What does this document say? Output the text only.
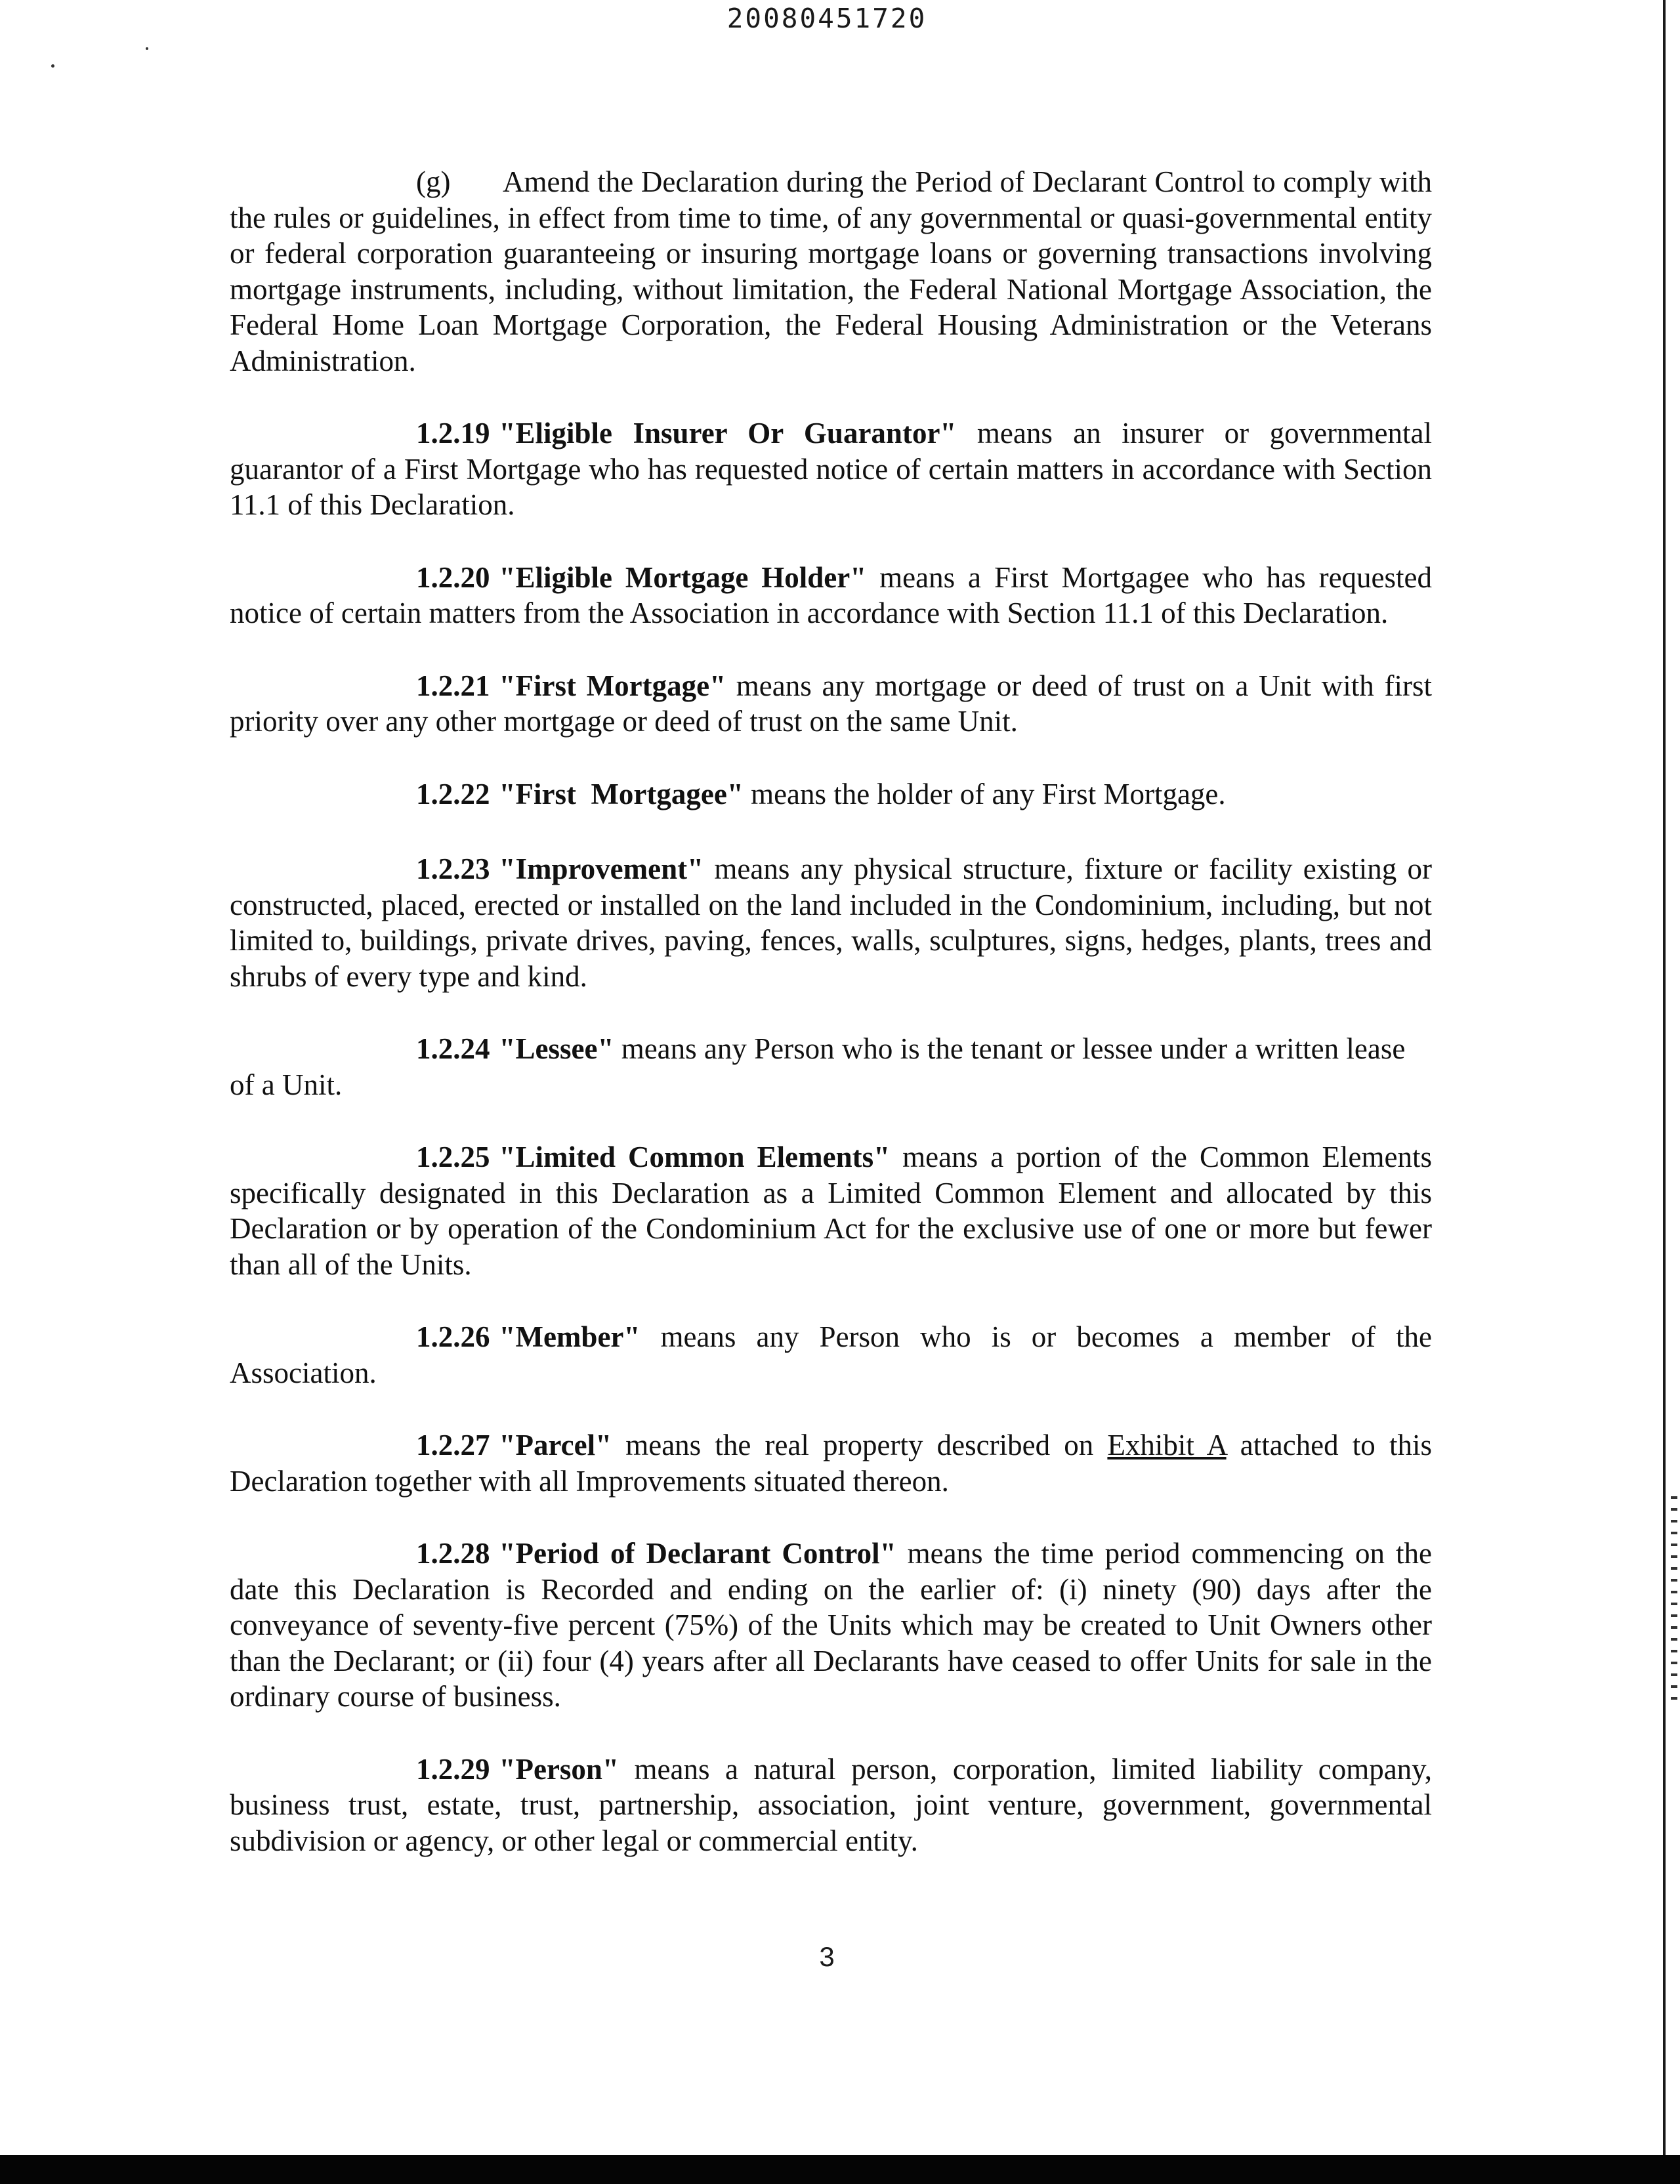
20080451720

(g) Amend the Declaration during the Period of Declarant Control to comply with the rules or guidelines, in effect from time to time, of any governmental or quasi-governmental entity or federal corporation guaranteeing or insuring mortgage loans or governing transactions involving mortgage instruments, including, without limitation, the Federal National Mortgage Association, the Federal Home Loan Mortgage Corporation, the Federal Housing Administration or the Veterans Administration.

1.2.19 "Eligible Insurer Or Guarantor" means an insurer or governmental guarantor of a First Mortgage who has requested notice of certain matters in accordance with Section 11.1 of this Declaration.

1.2.20 "Eligible Mortgage Holder" means a First Mortgagee who has requested notice of certain matters from the Association in accordance with Section 11.1 of this Declaration.

1.2.21 "First Mortgage" means any mortgage or deed of trust on a Unit with first priority over any other mortgage or deed of trust on the same Unit.

1.2.22 "First  Mortgagee" means the holder of any First Mortgage.

1.2.23 "Improvement" means any physical structure, fixture or facility existing or constructed, placed, erected or installed on the land included in the Condominium, including, but not limited to, buildings, private drives, paving, fences, walls, sculptures, signs, hedges, plants, trees and shrubs of every type and kind.

1.2.24 "Lessee" means any Person who is the tenant or lessee under a written lease
of a Unit.

1.2.25 "Limited Common Elements" means a portion of the Common Elements specifically designated in this Declaration as a Limited Common Element and allocated by this Declaration or by operation of the Condominium Act for the exclusive use of one or more but fewer than all of the Units.

1.2.26 "Member" means any Person who is or becomes a member of the
Association.

1.2.27 "Parcel" means the real property described on Exhibit A attached to this Declaration together with all Improvements situated thereon.

1.2.28 "Period of Declarant Control" means the time period commencing on the date this Declaration is Recorded and ending on the earlier of: (i) ninety (90) days after the conveyance of seventy-five percent (75%) of the Units which may be created to Unit Owners other than the Declarant; or (ii) four (4) years after all Declarants have ceased to offer Units for sale in the ordinary course of business.

1.2.29 "Person" means a natural person, corporation, limited liability company, business trust, estate, trust, partnership, association, joint venture, government, governmental subdivision or agency, or other legal or commercial entity.

3
